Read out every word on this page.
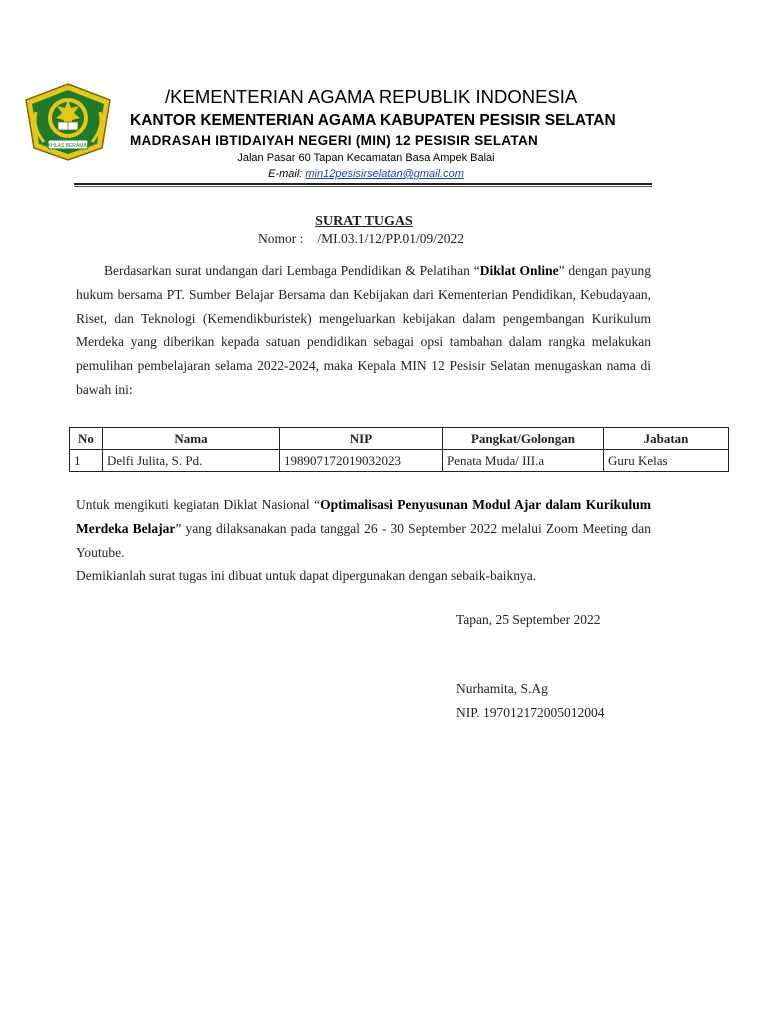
IKHLAS BERAMAL
/KEMENTERIAN AGAMA REPUBLIK INDONESIA
KANTOR KEMENTERIAN AGAMA KABUPATEN PESISIR SELATAN
MADRASAH IBTIDAIYAH NEGERI (MIN) 12 PESISIR SELATAN
Jalan Pasar 60 Tapan Kecamatan Basa Ampek Balai
E-mail: min12pesisirselatan@gmail.com
SURAT TUGAS
Nomor : /MI.03.1/12/PP.01/09/2022
Berdasarkan surat undangan dari Lembaga Pendidikan & Pelatihan “Diklat Online” dengan payung hukum bersama PT. Sumber Belajar Bersama dan Kebijakan dari Kementerian Pendidikan, Kebudayaan, Riset, dan Teknologi (Kemendikburistek) mengeluarkan kebijakan dalam pengembangan Kurikulum Merdeka yang diberikan kepada satuan pendidikan sebagai opsi tambahan dalam rangka melakukan pemulihan pembelajaran selama 2022-2024, maka Kepala MIN 12 Pesisir Selatan menugaskan nama di bawah ini:
No	Nama	NIP	Pangkat/Golongan	Jabatan
1	Delfi Julita, S. Pd.	198907172019032023	Penata Muda/ III.a	Guru Kelas
Untuk mengikuti kegiatan Diklat Nasional “Optimalisasi Penyusunan Modul Ajar dalam Kurikulum Merdeka Belajar” yang dilaksanakan pada tanggal 26 - 30 September 2022 melalui Zoom Meeting dan Youtube.
Demikianlah surat tugas ini dibuat untuk dapat dipergunakan dengan sebaik-baiknya.
Tapan, 25 September 2022
Nurhamita, S.Ag
NIP. 197012172005012004
